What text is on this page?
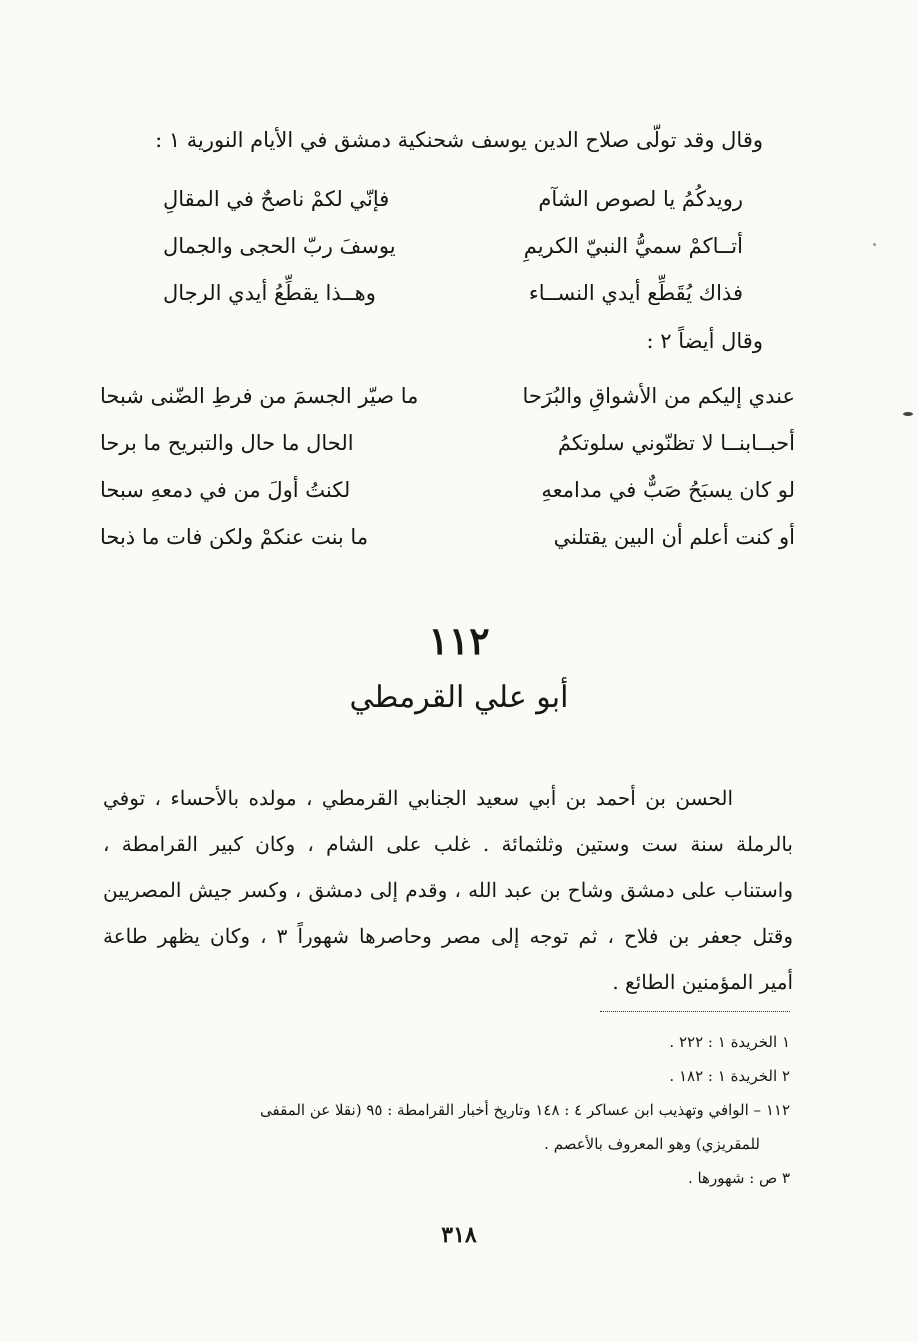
وقال وقد تولّى صلاح الدين يوسف شحنكية دمشق في الأيام النورية ١ :
رويدكُمُ يا لصوص الشآم
فإنّي لكمْ ناصحٌ في المقالِ
أتــاكمْ سميُّ النبيّ الكريمِ
يوسفَ ربّ الحجى والجمال
فذاك يُقَطِّع أيدي النســاء
وهــذا يقطِّعُ أيدي الرجال
وقال أيضاً ٢ :
عندي إليكم من الأشواقِ والبُرَحا
ما صيّر الجسمَ من فرطِ الضّنى شبحا
أحبــابنــا لا تظنّوني سلوتكمُ
الحال ما حال والتبريح ما برحا
لو كان يسبَحُ صَبٌّ في مدامعهِ
لكنتُ أولَ من في دمعهِ سبحا
أو كنت أعلم أن البين يقتلني
ما بنت عنكمْ ولكن فات ما ذبحا
١١٢
أبو علي القرمطي
الحسن بن أحمد بن أبي سعيد الجنابي القرمطي ، مولده بالأحساء ، توفي
بالرملة سنة ست وستين وثلثمائة . غلب على الشام ، وكان كبير القرامطة ،
واستناب على دمشق وشاح بن عبد الله ، وقدم إلى دمشق ، وكسر جيش المصريين
وقتل جعفر بن فلاح ، ثم توجه إلى مصر وحاصرها شهوراً ٣ ، وكان يظهر طاعة
أمير المؤمنين الطائع .
١ الخريدة ١ : ٢٢٢ .
٢ الخريدة ١ : ١٨٢ .
١١٢ – الوافي وتهذيب ابن عساكر ٤ : ١٤٨ وتاريخ أخبار القرامطة : ٩٥ (نقلا عن المقفى
للمقريزي) وهو المعروف بالأعصم .
٣ ص : شهورها .
٣١٨
